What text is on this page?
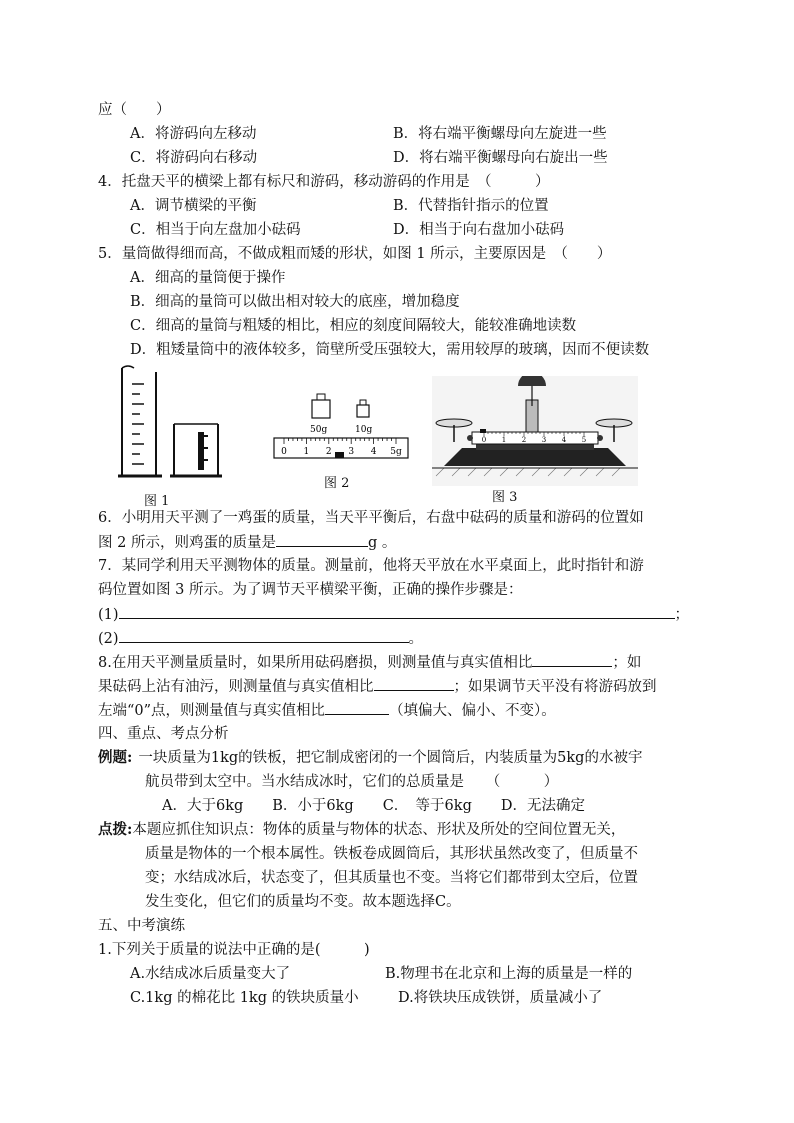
应（　　）
A．将游码向左移动	B．将右端平衡螺母向左旋进一些
C．将游码向右移动	D．将右端平衡螺母向右旋出一些
4．托盘天平的横梁上都有标尺和游码，移动游码的作用是　（　　　）
A．调节横梁的平衡	B．代替指针指示的位置
C．相当于向左盘加小砝码	D．相当于向右盘加小砝码
5．量筒做得细而高，不做成粗而矮的形状，如图 1 所示，主要原因是　（　　）
A．细高的量筒便于操作
B．细高的量筒可以做出相对较大的底座，增加稳度
C．细高的量筒与粗矮的相比，相应的刻度间隔较大，能较准确地读数
D．粗矮量筒中的液体较多，筒壁所受压强较大，需用较厚的玻璃，因而不便读数
图 1
50g	10g
0 1 2 3 4 5g
图 2
0 1 2 3 4 5
图 3
6．小明用天平测了一鸡蛋的质量，当天平平衡后，右盘中砝码的质量和游码的位置如
图 2 所示，则鸡蛋的质量是	g 。
7．某同学利用天平测物体的质量。测量前，他将天平放在水平桌面上，此时指针和游
码位置如图 3 所示。为了调节天平横梁平衡，正确的操作步骤是：
(1)	；
(2)	。
8.在用天平测量质量时，如果所用砝码磨损，则测量值与真实值相比	；如
果砝码上沾有油污，则测量值与真实值相比	；如果调节天平没有将游码放到
左端“0”点，则测量值与真实值相比	（填偏大、偏小、不变）。
四、重点、考点分析
例题: 一块质量为1kg的铁板，把它制成密闭的一个圆筒后，内装质量为5kg的水被宇
航员带到太空中。当水结成冰时，它们的总质量是　　（　　　）
A．大于6kg　　B．小于6kg　　C．　等于6kg　　D．无法确定
点拨:本题应抓住知识点：物体的质量与物体的状态、形状及所处的空间位置无关，
质量是物体的一个根本属性。铁板卷成圆筒后，其形状虽然改变了，但质量不
变；水结成冰后，状态变了，但其质量也不变。当将它们都带到太空后，位置
发生变化，但它们的质量均不变。故本题选择C。
五、中考演练
1.下列关于质量的说法中正确的是(　　　)
A.水结成冰后质量变大了	B.物理书在北京和上海的质量是一样的
C.1kg 的棉花比 1kg 的铁块质量小	D.将铁块压成铁饼，质量减小了
